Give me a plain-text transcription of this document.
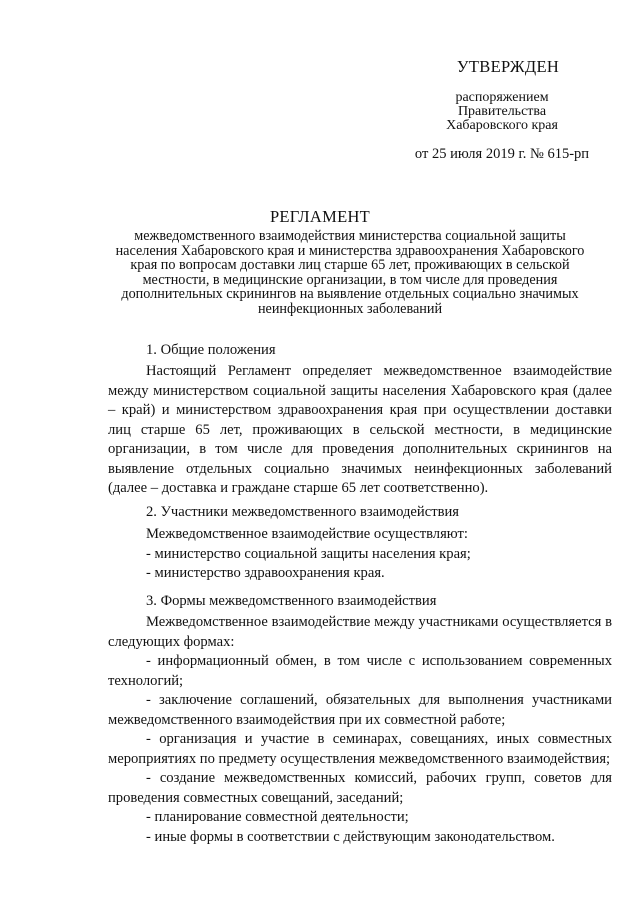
УТВЕРЖДЕН
распоряжением
Правительства
Хабаровского края
от 25 июля 2019 г. № 615-рп
РЕГЛАМЕНТ
межведомственного взаимодействия министерства социальной защиты населения Хабаровского края и министерства здравоохранения Хабаровского края по вопросам доставки лиц старше 65 лет, проживающих в сельской местности, в медицинские организации, в том числе для проведения дополнительных скринингов на выявление отдельных социально значимых неинфекционных заболеваний
1. Общие положения

Настоящий Регламент определяет межведомственное взаимодействие между министерством социальной защиты населения Хабаровского края (далее – край) и министерством здравоохранения края при осуществлении доставки лиц старше 65 лет, проживающих в сельской местности, в медицинские организации, в том числе для проведения дополнительных скринингов на выявление отдельных социально значимых неинфекционных заболеваний (далее – доставка и граждане старше 65 лет соответственно).

2. Участники межведомственного взаимодействия

Межведомственное взаимодействие осуществляют:

- министерство социальной защиты населения края;

- министерство здравоохранения края.

3. Формы межведомственного взаимодействия

Межведомственное взаимодействие между участниками осуществляется в следующих формах:

- информационный обмен, в том числе с использованием современных технологий;

- заключение соглашений, обязательных для выполнения участниками межведомственного взаимодействия при их совместной работе;

- организация и участие в семинарах, совещаниях, иных совместных мероприятиях по предмету осуществления межведомственного взаимодействия;

- создание межведомственных комиссий, рабочих групп, советов для проведения совместных совещаний, заседаний;

- планирование совместной деятельности;

- иные формы в соответствии с действующим законодательством.
